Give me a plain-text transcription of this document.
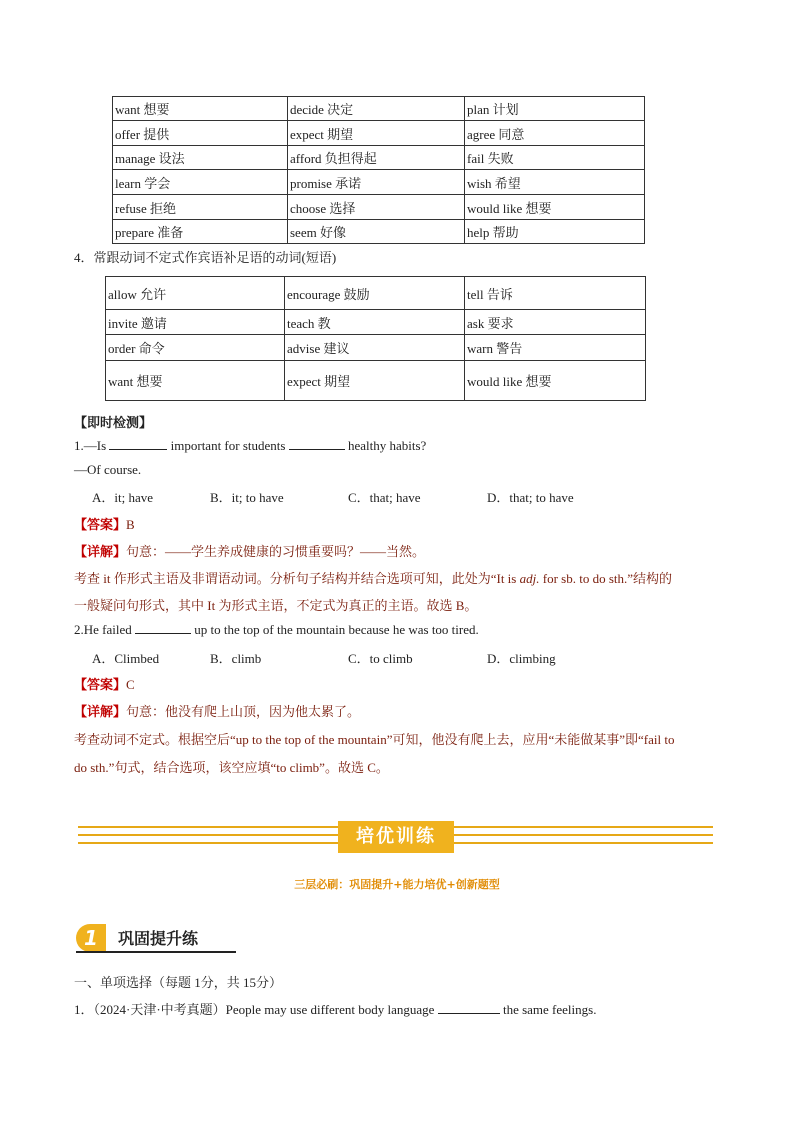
want 想要	decide 决定	plan 计划
offer 提供	expect 期望	agree 同意
manage 设法	afford 负担得起	fail 失败
learn 学会	promise 承诺	wish 希望
refuse 拒绝	choose 选择	would like 想要
prepare 准备	seem 好像	help 帮助
4．常跟动词不定式作宾语补足语的动词(短语)
allow 允许	encourage 鼓励	tell 告诉
invite 邀请	teach 教	ask 要求
order 命令	advise 建议	warn 警告
want 想要	expect 期望	would like 想要
【即时检测】
1.—Is	important for students	healthy habits?
—Of course.
A．it; have	B．it; to have	C．that; have	D．that; to have
【答案】B
【详解】句意：——学生养成健康的习惯重要吗？——当然。
考查 it 作形式主语及非谓语动词。分析句子结构并结合选项可知，此处为“It is adj. for sb. to do sth.”结构的
一般疑问句形式，其中 It 为形式主语，不定式为真正的主语。故选 B。
2.He failed	up to the top of the mountain because he was too tired.
A．Climbed	B．climb	C．to climb	D．climbing
【答案】C
【详解】句意：他没有爬上山顶，因为他太累了。
考查动词不定式。根据空后“up to the top of the mountain”可知，他没有爬上去，应用“未能做某事”即“fail to
do sth.”句式，结合选项，该空应填“to climb”。故选 C。
培优训练
三层必刷：巩固提升+能力培优+创新题型
1	巩固提升练
一、单项选择（每题 1分，共 15分）
1．（2024·天津·中考真题）People may use different body language	the same feelings.
